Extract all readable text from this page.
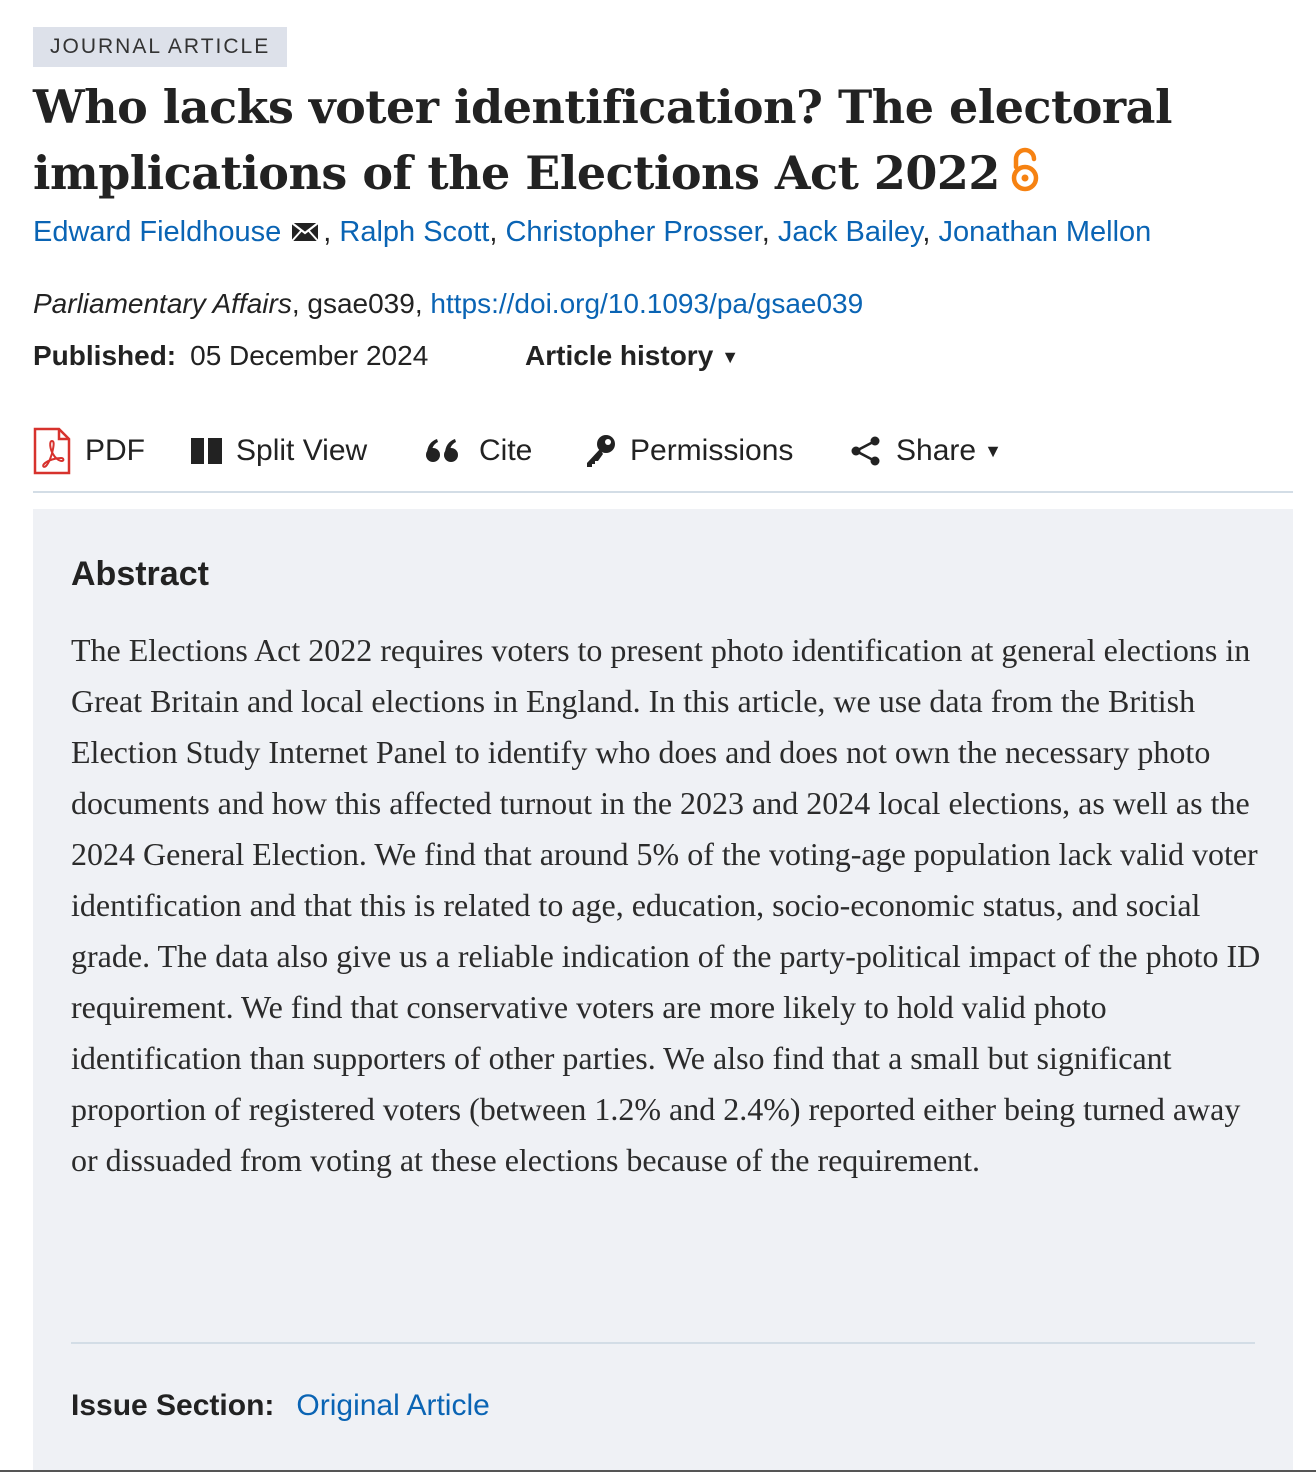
JOURNAL ARTICLE
Who lacks voter identification? The electoral implications of the Elections Act 2022
Edward Fieldhouse , Ralph Scott, Christopher Prosser, Jack Bailey, Jonathan Mellon
Parliamentary Affairs, gsae039, https://doi.org/10.1093/pa/gsae039
Published: 05 December 2024	Article history ▼
PDF	Split View	Cite	Permissions	Share ▼
Abstract

The Elections Act 2022 requires voters to present photo identification at general elections in Great Britain and local elections in England. In this article, we use data from the British Election Study Internet Panel to identify who does and does not own the necessary photo documents and how this affected turnout in the 2023 and 2024 local elections, as well as the 2024 General Election. We find that around 5% of the voting-age population lack valid voter identification and that this is related to age, education, socio-economic status, and social grade. The data also give us a reliable indication of the party-political impact of the photo ID requirement. We find that conservative voters are more likely to hold valid photo identification than supporters of other parties. We also find that a small but significant proportion of registered voters (between 1.2% and 2.4%) reported either being turned away or dissuaded from voting at these elections because of the requirement.

Issue Section: Original Article
